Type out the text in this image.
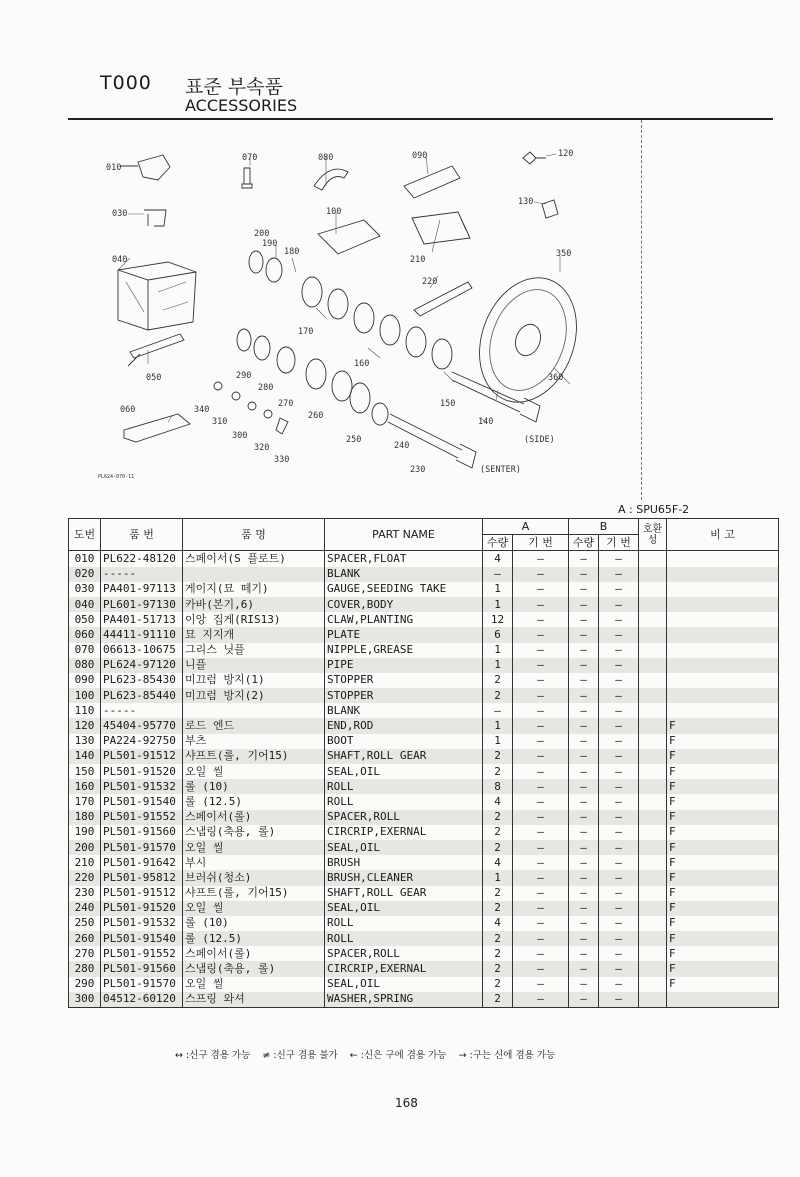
T000 표준 부속품
ACCESSORIES
010
030
040
050
060
070	080	090
100
120
130
140
150
160
170
180
190
200
210
220
230
240
250
260
270
280
290
300
310
320
330
340
350
360
(SIDE)
(SENTER)
PL624-070-11
A : SPU65F-2
도번	품 번	품 명	PART NAME	A		B		호환성	비 고
				수량	기 번	수량	기 번		
010	PL622-48120	스페이서(S 플로트)	SPACER,FLOAT	4	–	–	–		
020	-----		BLANK	–	–	–	–		
030	PA401-97113	게이지(묘 떼기)	GAUGE,SEEDING TAKE	1	–	–	–		
040	PL601-97130	카바(본기,6)	COVER,BODY	1	–	–	–		
050	PA401-51713	이앙 집게(RIS13)	CLAW,PLANTING	12	–	–	–		
060	44411-91110	묘 지지개	PLATE	6	–	–	–		
070	06613-10675	그리스 닛플	NIPPLE,GREASE	1	–	–	–		
080	PL624-97120	니플	PIPE	1	–	–	–		
090	PL623-85430	미끄럼 방지(1)	STOPPER	2	–	–	–		
100	PL623-85440	미끄럼 방지(2)	STOPPER	2	–	–	–		
110	-----		BLANK	–	–	–	–		
120	45404-95770	로드 엔드	END,ROD	1	–	–	–		F
130	PA224-92750	부츠	BOOT	1	–	–	–		F
140	PL501-91512	샤프트(롤, 기어15)	SHAFT,ROLL GEAR	2	–	–	–		F
150	PL501-91520	오일 씰	SEAL,OIL	2	–	–	–		F
160	PL501-91532	롤 (10)	ROLL	8	–	–	–		F
170	PL501-91540	롤 (12.5)	ROLL	4	–	–	–		F
180	PL501-91552	스페이서(롤)	SPACER,ROLL	2	–	–	–		F
190	PL501-91560	스냅링(축용, 롤)	CIRCRIP,EXERNAL	2	–	–	–		F
200	PL501-91570	오일 씰	SEAL,OIL	2	–	–	–		F
210	PL501-91642	부시	BRUSH	4	–	–	–		F
220	PL501-95812	브러쉬(청소)	BRUSH,CLEANER	1	–	–	–		F
230	PL501-91512	샤프트(롤, 기어15)	SHAFT,ROLL GEAR	2	–	–	–		F
240	PL501-91520	오일 씰	SEAL,OIL	2	–	–	–		F
250	PL501-91532	롤 (10)	ROLL	4	–	–	–		F
260	PL501-91540	롤 (12.5)	ROLL	2	–	–	–		F
270	PL501-91552	스페이서(롤)	SPACER,ROLL	2	–	–	–		F
280	PL501-91560	스냅링(축용, 롤)	CIRCRIP,EXERNAL	2	–	–	–		F
290	PL501-91570	오일 씰	SEAL,OIL	2	–	–	–		F
300	04512-60120	스프링 와셔	WASHER,SPRING	2	–	–	–		
↔ :신구 겸용 가능 ≠ :신구 겸용 불가 ← :신은 구에 겸용 가능 → :구는 신에 겸용 가능
168
